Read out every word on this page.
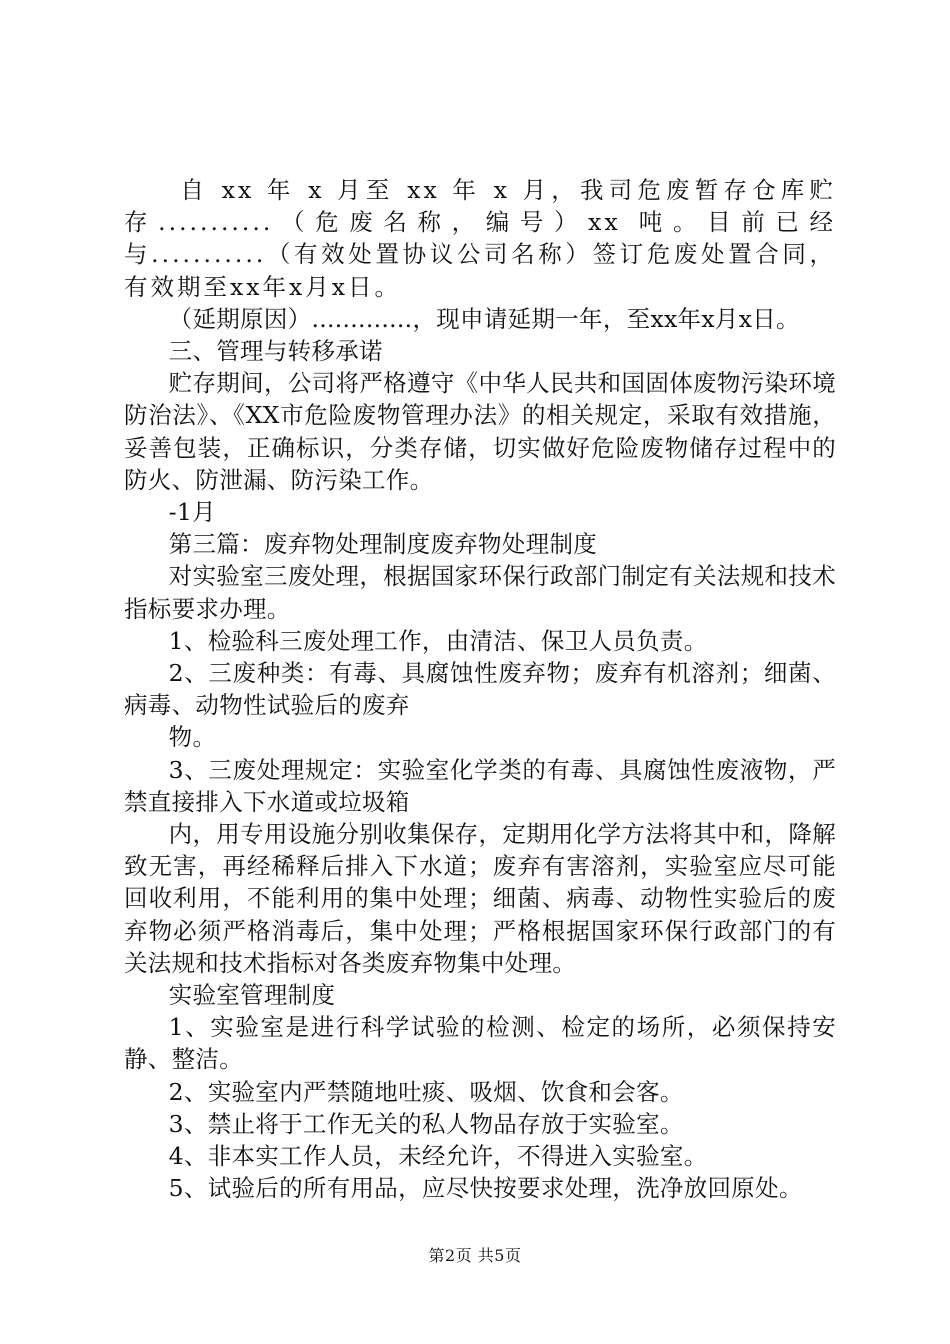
自 xx 年 x 月至 xx 年 x 月，我司危废暂存仓库贮存...........（危废名称，编号）xx 吨。目前已经与...........（有效处置协议公司名称）签订危废处置合同，有效期至xx年x月x日。

（延期原因）.............，现申请延期一年，至xx年x月x日。

三、管理与转移承诺

贮存期间，公司将严格遵守《中华人民共和国固体废物污染环境防治法》、《XX市危险废物管理办法》的相关规定，采取有效措施，妥善包装，正确标识，分类存储，切实做好危险废物储存过程中的防火、防泄漏、防污染工作。

-1月

第三篇：废弃物处理制度废弃物处理制度

对实验室三废处理，根据国家环保行政部门制定有关法规和技术指标要求办理。

1、检验科三废处理工作，由清洁、保卫人员负责。

2、三废种类：有毒、具腐蚀性废弃物；废弃有机溶剂；细菌、病毒、动物性试验后的废弃

物。

3、三废处理规定：实验室化学类的有毒、具腐蚀性废液物，严禁直接排入下水道或垃圾箱

内，用专用设施分别收集保存，定期用化学方法将其中和，降解致无害，再经稀释后排入下水道；废弃有害溶剂，实验室应尽可能回收利用，不能利用的集中处理；细菌、病毒、动物性实验后的废弃物必须严格消毒后，集中处理；严格根据国家环保行政部门的有关法规和技术指标对各类废弃物集中处理。

实验室管理制度

1、实验室是进行科学试验的检测、检定的场所，必须保持安静、整洁。

2、实验室内严禁随地吐痰、吸烟、饮食和会客。

3、禁止将于工作无关的私人物品存放于实验室。

4、非本实工作人员，未经允许，不得进入实验室。

5、试验后的所有用品，应尽快按要求处理，洗净放回原处。

第2页 共5页
